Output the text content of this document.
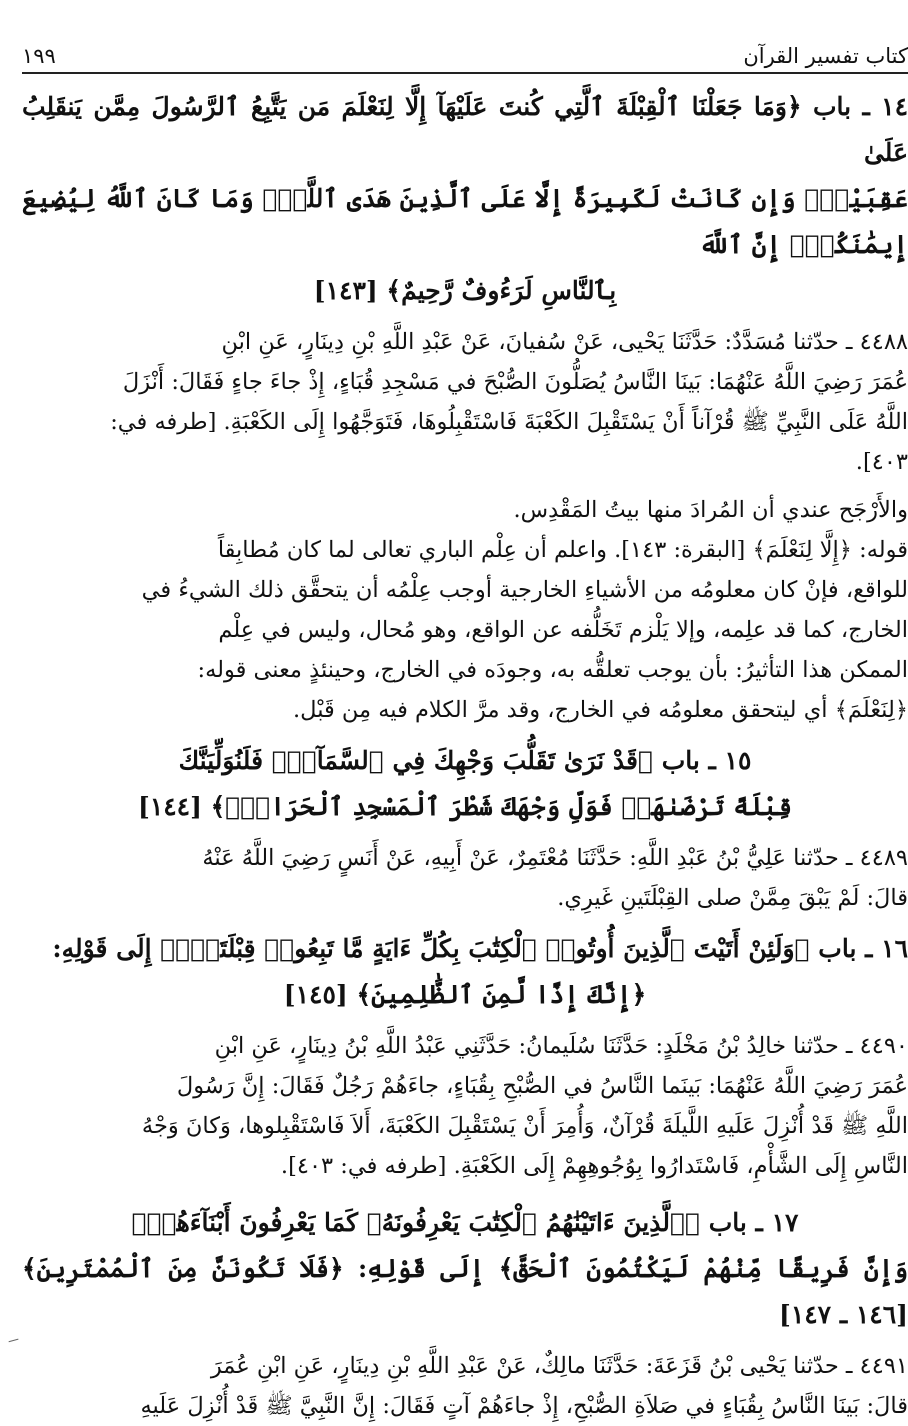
كتاب تفسير القرآن
١٩٩

١٤ ـ باب ﴿وَمَا جَعَلْنَا ٱلْقِبْلَةَ ٱلَّتِي كُنتَ عَلَيْهَآ إِلَّا لِنَعْلَمَ مَن يَتَّبِعُ ٱلرَّسُولَ مِمَّن يَنقَلِبُ عَلَىٰ

عَقِبَيْهِۚ وَإِن كَانَتْ لَكَبِيرَةً إِلَّا عَلَى ٱلَّذِينَ هَدَى ٱللَّهُۗ وَمَا كَانَ ٱللَّهُ لِيُضِيعَ إِيمَٰنَكُمْۚ إِنَّ ٱللَّهَ

بِٱلنَّاسِ لَرَءُوفٌ رَّحِيمٌ﴾ [١٤٣]

٤٤٨٨ ـ حدّثنا مُسَدَّدٌ: حَدَّثَنَا يَحْيى، عَنْ سُفيانَ، عَنْ عَبْدِ اللَّهِ بْنِ دِينَارٍ، عَنِ ابْنِ

عُمَرَ رَضِيَ اللَّهُ عَنْهُمَا: بَينَا النَّاسُ يُصَلُّونَ الصُّبْحَ في مَسْجِدِ قُبَاءٍ، إِذْ جاءَ جاءٍ فَقَالَ: أَنْزَلَ

اللَّهُ عَلَى النَّبِيِّ ﷺ قُرْآناً أَنْ يَسْتَقْبِلَ الكَعْبَةَ فَاسْتَقْبِلُوهَا، فَتَوَجَّهُوا إِلَى الكَعْبَةِ. [طرفه في:

٤٠٣].

والأَرْجَح عندي أن المُرادَ منها بيتُ المَقْدِس.

قوله: ﴿إِلَّا لِنَعْلَمَ﴾ [البقرة: ١٤٣]. واعلم أن عِلْم الباري تعالى لما كان مُطابِقاً

للواقع، فإنْ كان معلومُه من الأشياءِ الخارجية أوجب عِلْمُه أن يتحقَّق ذلك الشيءُ في

الخارج، كما قد علِمه، وإلا يَلْزم تَخَلُّفه عن الواقع، وهو مُحال، وليس في عِلْم

الممكن هذا التأثيرُ: بأن يوجب تعلقُّه به، وجودَه في الخارج، وحينئذٍ معنى قوله:

﴿لِنَعْلَمَ﴾ أي ليتحقق معلومُه في الخارج، وقد مرَّ الكلام فيه مِن قَبْل.

١٥ ـ باب ﴿قَدْ نَرَىٰ تَقَلُّبَ وَجْهِكَ فِي ٱلسَّمَآءِۖ فَلَنُوَلِّيَنَّكَ

قِبْلَةً تَرْضَىٰهَاۚ فَوَلِّ وَجْهَكَ شَطْرَ ٱلْمَسْجِدِ ٱلْحَرَامِۚ﴾ [١٤٤]

٤٤٨٩ ـ حدّثنا عَلِيُّ بْنُ عَبْدِ اللَّهِ: حَدَّثَنَا مُعْتَمِرٌ، عَنْ أَبِيهِ، عَنْ أَنَسٍ رَضِيَ اللَّهُ عَنْهُ

قالَ: لَمْ يَبْقَ مِمَّنْ صلى القِبْلَتَينِ غَيرِي.

١٦ ـ باب ﴿وَلَئِنْ أَتَيْتَ ٱلَّذِينَ أُوتُوا۟ ٱلْكِتَٰبَ بِكُلِّ ءَايَةٍ مَّا تَبِعُوا۟ قِبْلَتَكَۚ﴾ إِلَى قَوْلِهِ:

﴿إِنَّكَ إِذًا لَّمِنَ ٱلظَّٰلِمِينَ﴾ [١٤٥]

٤٤٩٠ ـ حدّثنا خالِدُ بْنُ مَخْلَدٍ: حَدَّثَنَا سُلَيمانُ: حَدَّثَنِي عَبْدُ اللَّهِ بْنُ دِينَارٍ، عَنِ ابْنِ

عُمَرَ رَضِيَ اللَّهُ عَنْهُمَا: بَينَما النَّاسُ في الصُّبْحِ بِقُبَاءٍ، جاءَهُمْ رَجُلٌ فَقَالَ: إِنَّ رَسُولَ

اللَّهِ ﷺ قَدْ أُنْزِلَ عَلَيهِ اللَّيلَةَ قُرْآنٌ، وَأُمِرَ أَنْ يَسْتَقْبِلَ الكَعْبَةَ، أَلاَ فَاسْتَقْبِلوها، وَكانَ وَجْهُ

النَّاسِ إِلَى الشَّأْمِ، فَاسْتَدارُوا بِوُجُوهِهِمْ إِلَى الكَعْبَةِ. [طرفه في: ٤٠٣].

١٧ ـ باب ﴿ٱلَّذِينَ ءَاتَيْنَٰهُمُ ٱلْكِتَٰبَ يَعْرِفُونَهُۥ كَمَا يَعْرِفُونَ أَبْنَآءَهُمْۖ

وَإِنَّ فَرِيقًا مِّنْهُمْ لَيَكْتُمُونَ ٱلْحَقَّ﴾ إِلَى قَوْلِهِ: ﴿فَلَا تَكُونَنَّ مِنَ ٱلْمُمْتَرِينَ﴾ [١٤٦ ـ ١٤٧]

٤٤٩١ ـ حدّثنا يَحْيى بْنُ قَزَعَةَ: حَدَّثَنَا مالِكٌ، عَنْ عَبْدِ اللَّهِ بْنِ دِينَارٍ، عَنِ ابْنِ عُمَرَ

قالَ: بَينَا النَّاسُ بِقُبَاءٍ في صَلاَةِ الصُّبْحِ، إِذْ جاءَهُمْ آتٍ فَقَالَ: إِنَّ النَّبِيَّ ﷺ قَدْ أُنْزِلَ عَلَيهِ
